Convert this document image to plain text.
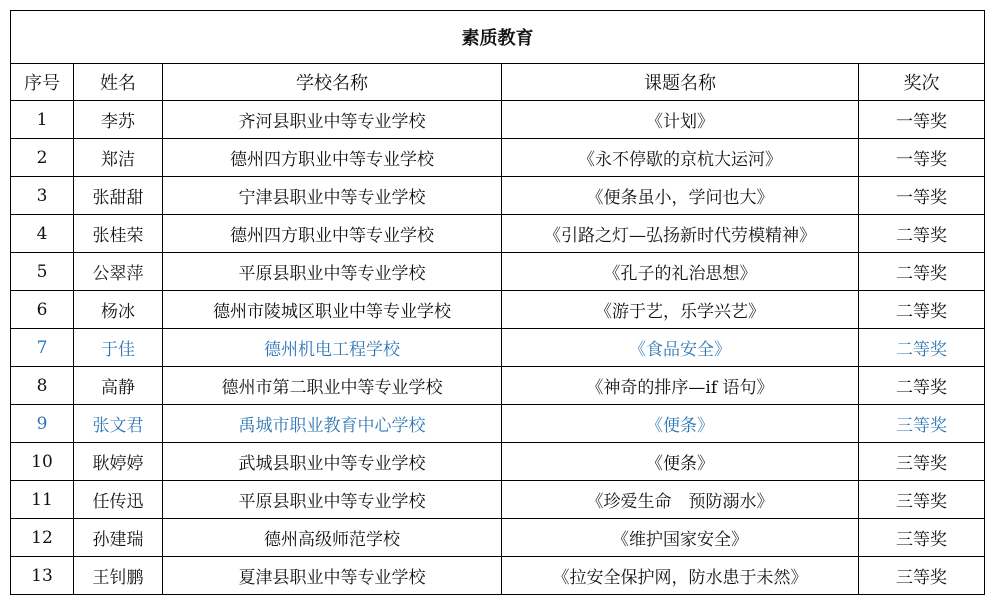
素质教育				
序号	姓名	学校名称	课题名称	奖次
1	李苏	齐河县职业中等专业学校	《计划》	一等奖
2	郑洁	德州四方职业中等专业学校	《永不停歇的京杭大运河》	一等奖
3	张甜甜	宁津县职业中等专业学校	《便条虽小，学问也大》	一等奖
4	张桂荣	德州四方职业中等专业学校	《引路之灯—弘扬新时代劳模精神》	二等奖
5	公翠萍	平原县职业中等专业学校	《孔子的礼治思想》	二等奖
6	杨冰	德州市陵城区职业中等专业学校	《游于艺，乐学兴艺》	二等奖
7	于佳	德州机电工程学校	《食品安全》	二等奖
8	高静	德州市第二职业中等专业学校	《神奇的排序—if 语句》	二等奖
9	张文君	禹城市职业教育中心学校	《便条》	三等奖
10	耿婷婷	武城县职业中等专业学校	《便条》	三等奖
11	任传迅	平原县职业中等专业学校	《珍爱生命　预防溺水》	三等奖
12	孙建瑞	德州高级师范学校	《维护国家安全》	三等奖
13	王钊鹏	夏津县职业中等专业学校	《拉安全保护网，防水患于未然》	三等奖
